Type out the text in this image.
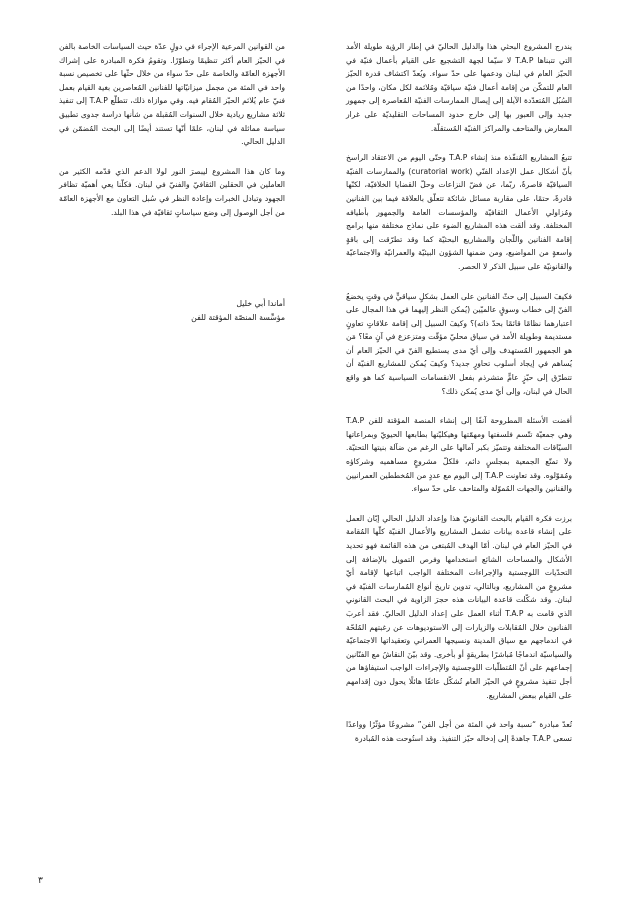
يندرج المشروع البحثي هذا والدليل الحاليّ في إطار الرؤية طويلة الأمد التي تتبناها T.A.P لا سيّما لجهة التشجيع على القيام بأعمال فنيّة في الحيّز العام في لبنان ودعمها على حدّ سواء. ويُعدّ اكتشاف قدرة الحيّز العام للتمكّن من إقامة أعمال فنيّة سياقيّة ومُلائمة لكل مكان، واحدًا من السُبُل المُتعدّدة الآيلة إلى إيصال الممارسات الفنيّة المُعاصرة إلى جمهور جديد وإلى العبور بها إلى خارج حدود المساحات التقليديّة على غرار المعارض والمتاحف والمراكز الفنيّة المُستقلّة.

تتبعُ المشاريع المُنفّذة منذ إنشاء T.A.P وحتّى اليوم من الاعتقاد الراسخ بأنّ أشكال عمل الإعداد الفنّي (curatorial work) والممارسات الفنيّة السياقيّة قاصرةٌ، ربّما، عن فضّ النزاعات وحلّ القضايا الخلافيّة، لكنّها قادرةٌ، حتمًا، على مقاربة مسائل شائكة تتعلّق بالعلاقة فيما بين الفنانين ومُزاولي الأعمال الثقافيّة والمؤسسات العامة والجمهور بأطيافه المختلفة. وقد ألقت هذه المشاريع الضوء على نماذج مختلفة منها برامج إقامة الفنانين واللّجان والمشاريع البحثيّة كما وقد تطرّقت إلى باقةٍ واسعةٍ من المواضيع، ومن ضمنها الشؤون البيئيّة والعمرانيّة والاجتماعيّة والقانونيّة على سبيل الذكر لا الحصر.

فكيفَ السبيل إلى حثّ الفنانين على العمل بشكلٍ سياقيٍّ في وقتٍ يخضعُ الفنّ إلى خطاب وسوقٍ عالميّين (يُمكن النظر إليهما في هذا المجال على اعتبارهما نظامًا قائمًا بحدّ ذاته)؟ وكيفَ السبيل إلى إقامة علاقاتٍ تعاونٍ مستديمة وطويلة الأمد في سياق محليّ مؤقّت ومتزعزع في آنٍ معًا؟ مَن هو الجمهور المُستهدف وإلى أيّ مدى يستطيع الفنّ في الحيّز العام أن يُساهم في إيجاد أسلوب تحاورٍ جديد؟ وكيفَ يُمكن للمشاريع الفنيّة أن تتطرّق إلى حيّزٍ عامٍّ متشرذم بفعل الانقسامات السياسية كما هو واقع الحال في لبنان، وإلى أيّ مدى يُمكن ذلك؟

أفضت الأسئلة المطروحة آنفًا إلى إنشاء المنصة المؤقتة للفن T.A.P وهي جمعيّة تتّسم فلسفتها ومهمّتها وهيكليّتها بطابعها الحيويّ وبمراعاتها السيّاقات المختلفة وتتميّز بكبر آمالها على الرغم من ضآلة بنيتها التحتيّة. ولا تمتّع الجمعية بمجلسٍ دائم، فلكلّ مشروعٍ مساهميه وشركاؤه ومُمَوّلوه. وقد تعاونت T.A.P إلى اليوم مع عددٍ من المُخططين العمرانيين والفنانين والجهات المُموّلة والمتاحف على حدّ سواء.

برزت فكرة القيام بالبحث القانونيّ هذا وإعداد الدليل الحالي إبّان العمل على إنشاء قاعدة بيانات تشمل المشاريع والأعمال الفنيّة كلّها المُقامة في الحيّز العام في لبنان. أمّا الهدف المُبتغى من هذه القائمة فهو تحديد الأشكال والمساحات الشائع استخدامها وفرص التمويل بالإضافة إلى التحدّيات اللوجستية والإجراءات المختلفة الواجب اتباعها لإقامة أيّ مشروعٍ من المشاريع، وبالتالي، تدوين تاريخ أنواع المُمارسات الفنيّة في لبنان. وقد شكّلت قاعدة البيانات هذه حجرَ الزاوية في البحث القانوني الذي قامت به T.A.P أثناء العمل على إعداد الدليل الحاليّ. فقد أعربَ الفنانون خلال المُقابلات والزيارات إلى الاستوديوهات عن رغبتهم المُلحّة في اندماجهم مع سياق المدينة ونسيجها العمراني وتعقيداتها الاجتماعيّة والسياسيّة اندماجًا مُباشرًا بطريقةٍ أو بأخرى. وقد بيّنَ النقاشُ مع الفنّانين إجماعهم على أنّ المُتطلّبات اللوجستية والإجراءات الواجب استيفاؤها من أجل تنفيذ مشروعٍ في الحيّز العام تُشكّل عائقًا هائلًا يحول دون إقدامهم على القيام ببعض المشاريع.

تُعدّ مبادرة “نسبة واحد في المئة من أجل الفن” مشروعًا مؤثّرًا وواعدًا تسعى T.A.P جاهدةً إلى إدخاله حيّز التنفيذ. وقد استُوحت هذه المُبادرة

من القوانين المرعية الإجراء في دولٍ عدّة حيث السياسات الخاصة بالفن في الحيّز العام أكثر تنظيمًا وتطوّرًا. وتقومُ فكرة المبادرة على إشراك الأجهزة العامّة والخاصة على حدّ سواء من خلال حثّها على تخصيص نسبة واحد في المئة من مجمل ميزانيّاتها للفنانين المُعاصرين بغية القيام بعمل فنيّ عام يُلائم الحيّز المُقام فيه. وفي موازاة ذلك، تتطلّع T.A.P إلى تنفيذ ثلاثة مشاريع ريادية خلال السنوات المُقبلة من شأنها دراسة جدوى تطبيق سياسة مماثلة في لبنان، علمًا أنّها تستند أيضًا إلى البحث المُضمّن في الدليل الحالي.

وما كان هذا المشروع ليبصرَ النور لولا الدعم الذي قدّمه الكثير من العاملين في الحقلين الثقافيّ والفنيّ في لبنان. فكلّنا يعي أهميّة تظافر الجهود وتبادل الخبرات وإعادة النظر في سُبل التعاون مع الأجهزة العامّة من أجل الوصول إلى وضع سياساتٍ ثقافيّة في هذا البلد.

أماندا أبي خليل
مؤسِّسة المنصّة المؤقتة للفن
٣
